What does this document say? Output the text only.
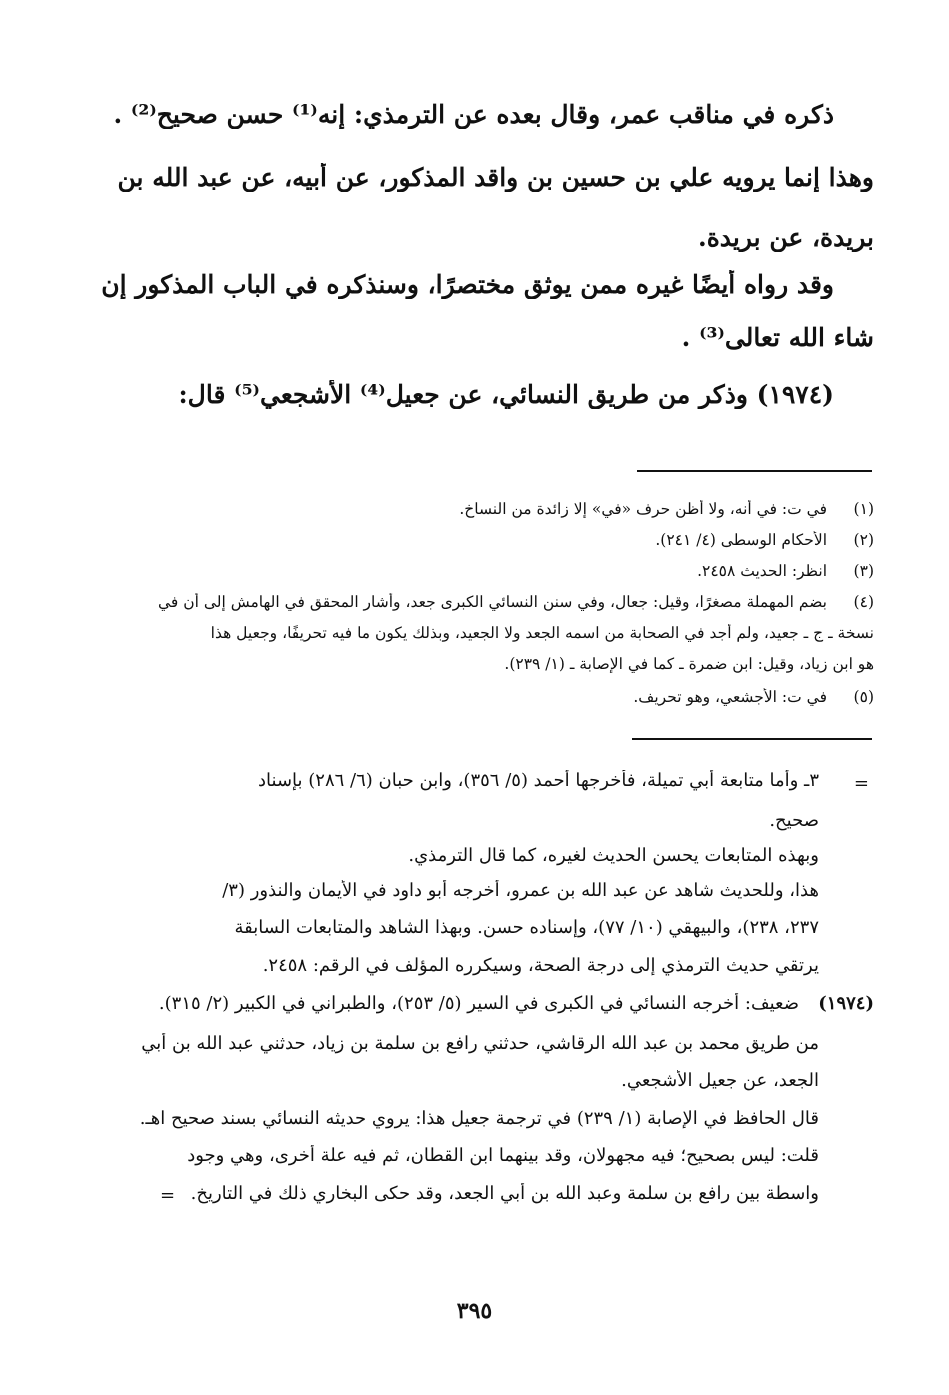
ذكره في مناقب عمر، وقال بعده عن الترمذي: إنه⁽¹⁾ حسن صحيح⁽²⁾ .
وهذا إنما يرويه علي بن حسين بن واقد المذكور، عن أبيه، عن عبد الله بن
بريدة، عن بريدة.
وقد رواه أيضًا غيره ممن يوثق مختصرًا، وسنذكره في الباب المذكور إن
شاء الله تعالى⁽³⁾ .
(١٩٧٤) وذكر من طريق النسائي، عن جعيل⁽⁴⁾ الأشجعي⁽⁵⁾ قال:
(١)
في ت: في أنه، ولا أظن حرف «في» إلا زائدة من النساخ.
(٢)
الأحكام الوسطى (٤/ ٢٤١).
(٣)
انظر: الحديث ٢٤٥٨.
(٤)
بضم المهملة مصغرًا، وقيل: جعال، وفي سنن النسائي الكبرى جعد، وأشار المحقق في الهامش إلى أن في
نسخة ـ ج ـ جعيد، ولم أجد في الصحابة من اسمه الجعد ولا الجعيد، وبذلك يكون ما فيه تحريفًا، وجعيل هذا
هو ابن زياد، وقيل: ابن ضمرة ـ كما في الإصابة ـ (١/ ٢٣٩).
(٥)
في ت: الأجشعي، وهو تحريف.
=
٣ـ وأما متابعة أبي تميلة، فأخرجها أحمد (٥/ ٣٥٦)، وابن حبان (٦/ ٢٨٦) بإسناد
صحيح.
وبهذه المتابعات يحسن الحديث لغيره، كما قال الترمذي.
هذا، وللحديث شاهد عن عبد الله بن عمرو، أخرجه أبو داود في الأيمان والنذور (٣/
٢٣٧، ٢٣٨)، والبيهقي (١٠/ ٧٧)، وإسناده حسن. وبهذا الشاهد والمتابعات السابقة
يرتقي حديث الترمذي إلى درجة الصحة، وسيكرره المؤلف في الرقم: ٢٤٥٨.
(١٩٧٤)
ضعيف: أخرجه النسائي في الكبرى في السير (٥/ ٢٥٣)، والطبراني في الكبير (٢/ ٣١٥).
من طريق محمد بن عبد الله الرقاشي، حدثني رافع بن سلمة بن زياد، حدثني عبد الله بن أبي
الجعد، عن جعيل الأشجعي.
قال الحافظ في الإصابة (١/ ٢٣٩) في ترجمة جعيل هذا: يروي حديثه النسائي بسند صحيح اهـ.
قلت: ليس بصحيح؛ فيه مجهولان، وقد بينهما ابن القطان، ثم فيه علة أخرى، وهي وجود
واسطة بين رافع بن سلمة وعبد الله بن أبي الجعد، وقد حكى البخاري ذلك في التاريخ.
=
٣٩٥
